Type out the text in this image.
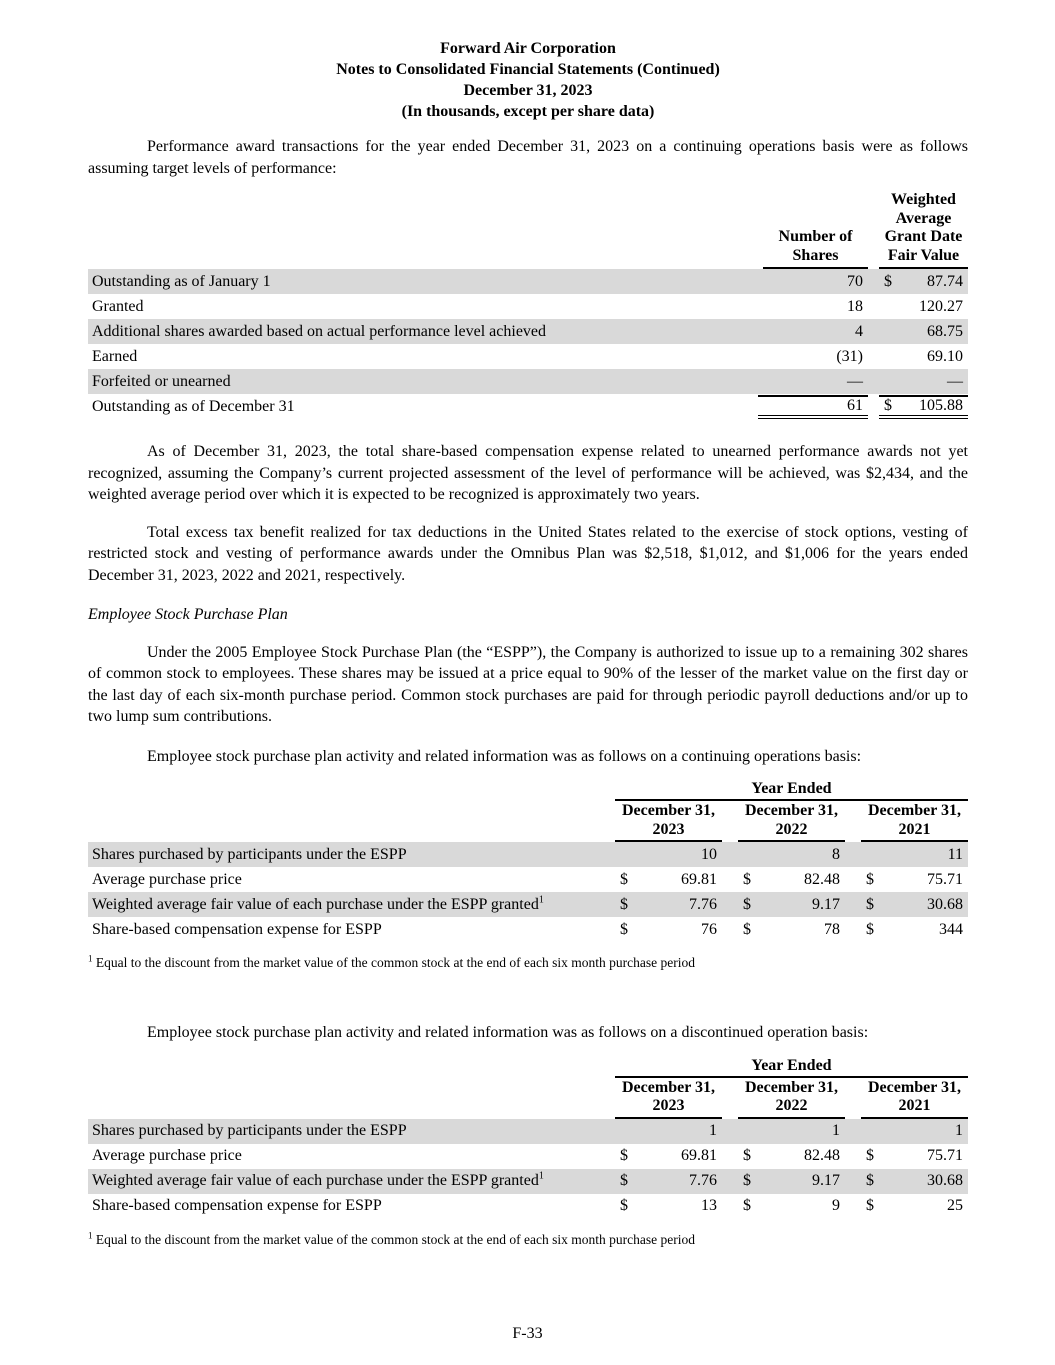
Forward Air Corporation
Notes to Consolidated Financial Statements (Continued)
December 31, 2023
(In thousands, except per share data)

Performance award transactions for the year ended December 31, 2023 on a continuing operations basis were as follows assuming target levels of performance:

Number of Shares
Weighted Average Grant Date Fair Value
Outstanding as of January 1	70	$	87.74
Granted	18	120.27
Additional shares awarded based on actual performance level achieved	4	68.75
Earned	(31)	69.10
Forfeited or unearned	—	—
Outstanding as of December 31	61	$	105.88

As of December 31, 2023, the total share-based compensation expense related to unearned performance awards not yet recognized, assuming the Company’s current projected assessment of the level of performance will be achieved, was $2,434, and the weighted average period over which it is expected to be recognized is approximately two years.

Total excess tax benefit realized for tax deductions in the United States related to the exercise of stock options, vesting of restricted stock and vesting of performance awards under the Omnibus Plan was $2,518, $1,012, and $1,006 for the years ended December 31, 2023, 2022 and 2021, respectively.

Employee Stock Purchase Plan

Under the 2005 Employee Stock Purchase Plan (the “ESPP”), the Company is authorized to issue up to a remaining 302 shares of common stock to employees. These shares may be issued at a price equal to 90% of the lesser of the market value on the first day or the last day of each six-month purchase period. Common stock purchases are paid for through periodic payroll deductions and/or up to two lump sum contributions.

Employee stock purchase plan activity and related information was as follows on a continuing operations basis:

Year Ended
December 31, 2023
December 31, 2022
December 31, 2021
Shares purchased by participants under the ESPP	10	8	11
Average purchase price	$	69.81	$	82.48	$	75.71
Weighted average fair value of each purchase under the ESPP granted$^1$	$	7.76	$	9.17	$	30.68
Share-based compensation expense for ESPP	$	76	$	78	$	344
$^1$ Equal to the discount from the market value of the common stock at the end of each six month purchase period

Employee stock purchase plan activity and related information was as follows on a discontinued operation basis:

Year Ended
December 31, 2023
December 31, 2022
December 31, 2021
Shares purchased by participants under the ESPP	1	1	1
Average purchase price	$	69.81	$	82.48	$	75.71
Weighted average fair value of each purchase under the ESPP granted$^1$	$	7.76	$	9.17	$	30.68
Share-based compensation expense for ESPP	$	13	$	9	$	25
$^1$ Equal to the discount from the market value of the common stock at the end of each six month purchase period
F-33
